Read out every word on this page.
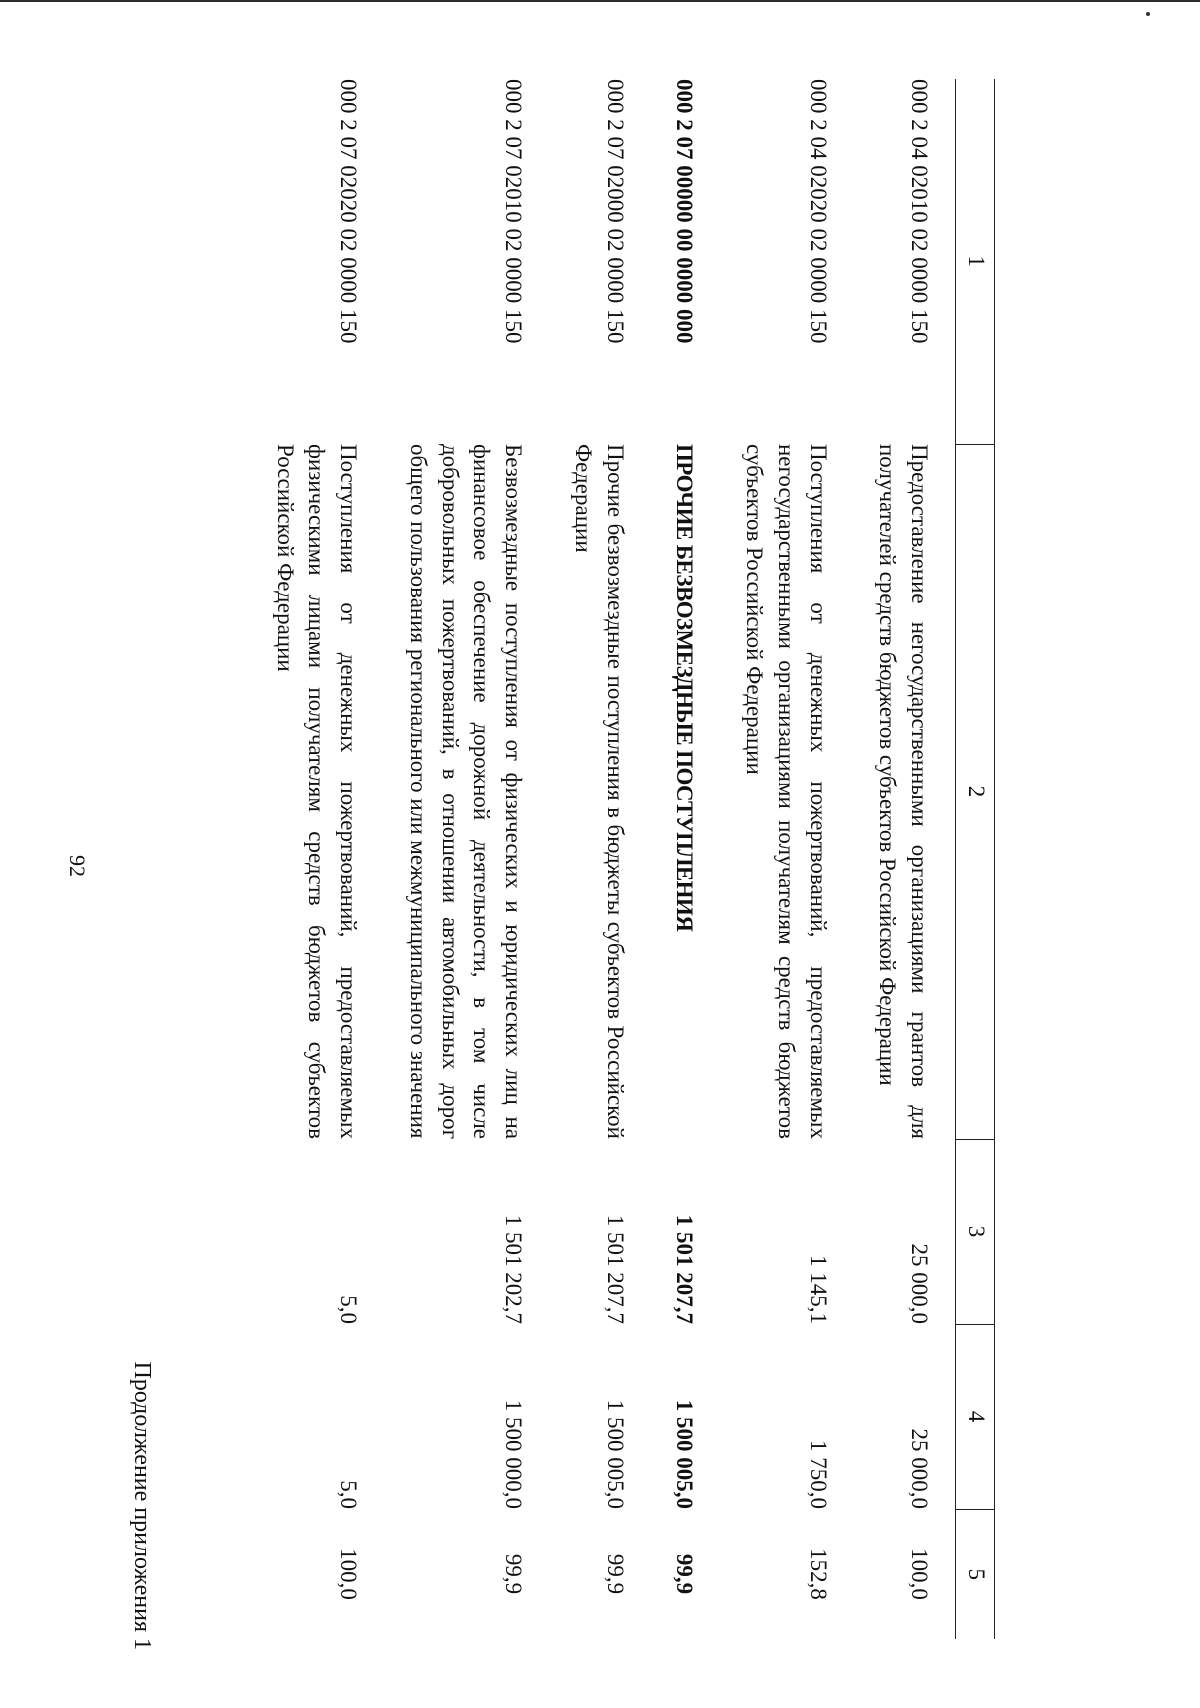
92
Продолжение приложения 1
1	2	3	4	5
000 2 04 02010 02 0000 150	Предоставление негосударственными организациями грантов для получателей средств бюджетов субъектов Российской Федерации	25 000,0	25 000,0	100,0
000 2 04 02020 02 0000 150	Поступления от денежных пожертвований, предоставляемых негосударственными организациями получателям средств бюджетов субъектов Российской Федерации	1 145,1	1 750,0	152,8
000 2 07 00000 00 0000 000	ПРОЧИЕ БЕЗВОЗМЕЗДНЫЕ ПОСТУПЛЕНИЯ	1 501 207,7	1 500 005,0	99,9
000 2 07 02000 02 0000 150	Прочие безвозмездные поступления в бюджеты субъектов Российской Федерации	1 501 207,7	1 500 005,0	99,9
000 2 07 02010 02 0000 150	Безвозмездные поступления от физических и юридических лиц на финансовое обеспечение дорожной деятельности, в том числе добровольных пожертвований, в отношении автомобильных дорог общего пользования регионального или межмуниципального значения	1 501 202,7	1 500 000,0	99,9
000 2 07 02020 02 0000 150	Поступления от денежных пожертвований, предоставляемых физическими лицами получателям средств бюджетов субъектов Российской Федерации	5,0	5,0	100,0
